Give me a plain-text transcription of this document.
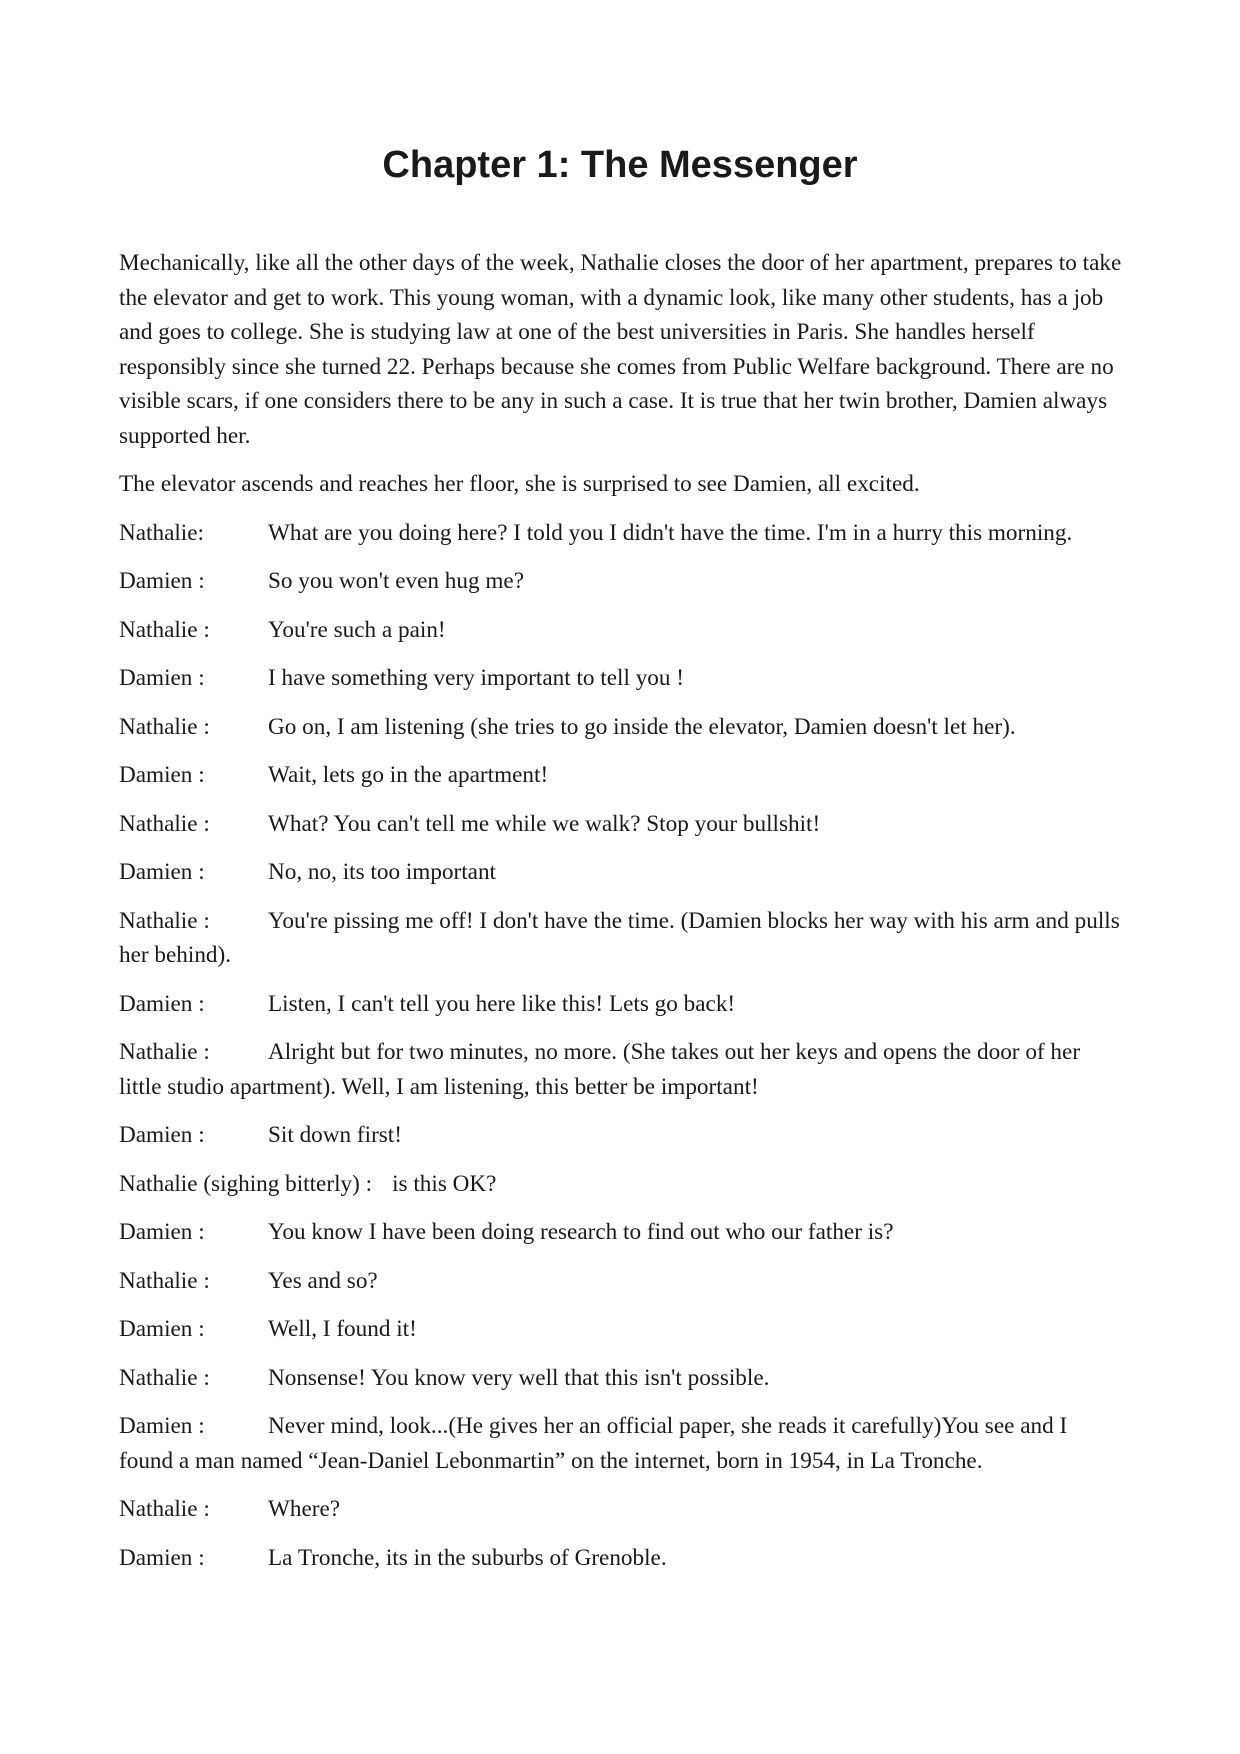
Chapter 1: The Messenger

Mechanically, like all the other days of the week, Nathalie closes the door of her apartment, prepares to take the elevator and get to work. This young woman, with a dynamic look, like many other students, has a job and goes to college. She is studying law at one of the best universities in Paris. She handles herself responsibly since she turned 22. Perhaps because she comes from Public Welfare background. There are no visible scars, if one considers there to be any in such a case. It is true that her twin brother, Damien always supported her.

The elevator ascends and reaches her floor, she is surprised to see Damien, all excited.

Nathalie:	What are you doing here? I told you I didn't have the time. I'm in a hurry this morning.

Damien :	So you won't even hug me?

Nathalie :	You're such a pain!

Damien :	I have something very important to tell you !

Nathalie :	Go on, I am listening (she tries to go inside the elevator, Damien doesn't let her).

Damien :	Wait, lets go in the apartment!

Nathalie :	What? You can't tell me while we walk? Stop your bullshit!

Damien :	No, no, its too important

Nathalie :	You're pissing me off! I don't have the time. (Damien blocks her way with his arm and pulls her behind).

Damien :	Listen, I can't tell you here like this! Lets go back!

Nathalie :	Alright but for two minutes, no more. (She takes out her keys and opens the door of her little studio apartment). Well, I am listening, this better be important!

Damien :	Sit down first!

Nathalie (sighing bitterly) : is this OK?

Damien :	You know I have been doing research to find out who our father is?

Nathalie :	Yes and so?

Damien :	Well, I found it!

Nathalie :	Nonsense! You know very well that this isn't possible.

Damien :	Never mind, look...(He gives her an official paper, she reads it carefully)You see and I found a man named “Jean-Daniel Lebonmartin” on the internet, born in 1954, in La Tronche.

Nathalie :	Where?

Damien :	La Tronche, its in the suburbs of Grenoble.
